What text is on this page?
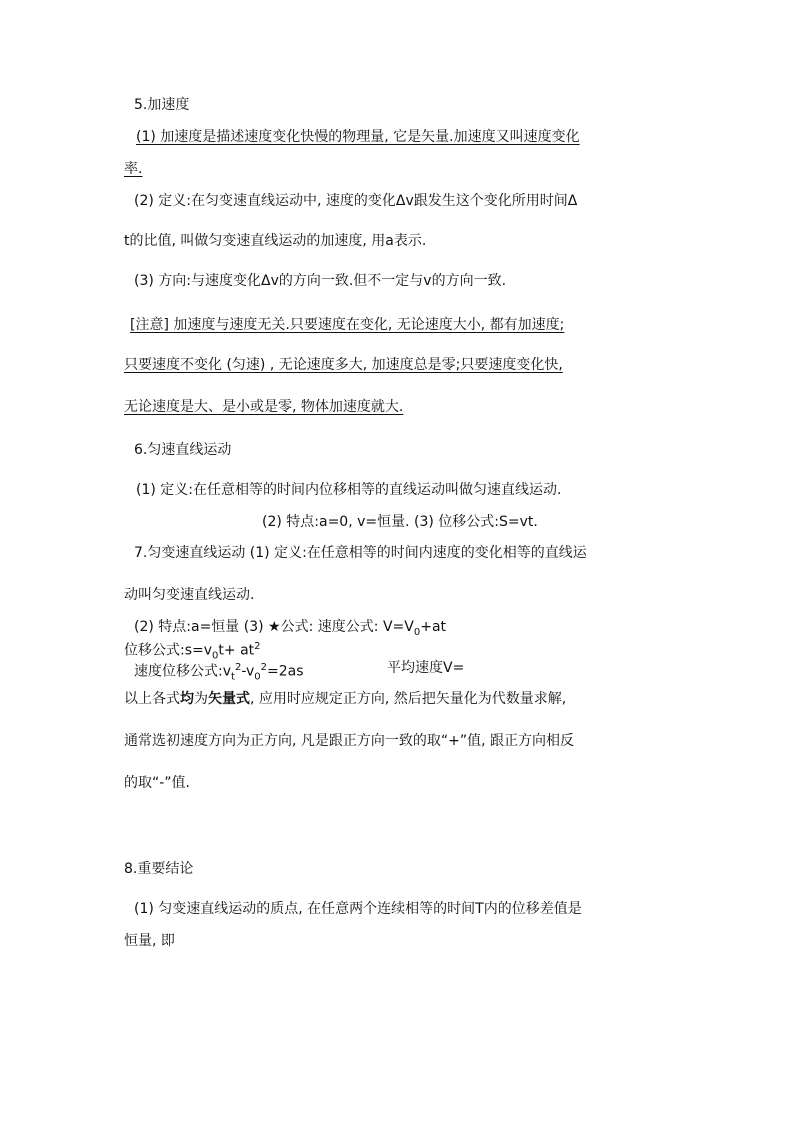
5.加速度
(1) 加速度是描述速度变化快慢的物理量, 它是矢量.加速度又叫速度变化
率.
(2) 定义:在匀变速直线运动中, 速度的变化Δv跟发生这个变化所用时间Δ
t的比值, 叫做匀变速直线运动的加速度, 用a表示.
(3) 方向:与速度变化Δv的方向一致.但不一定与v的方向一致.
[注意] 加速度与速度无关.只要速度在变化, 无论速度大小, 都有加速度;
只要速度不变化 (匀速) , 无论速度多大, 加速度总是零;只要速度变化快,
无论速度是大、是小或是零, 物体加速度就大.
6.匀速直线运动
(1) 定义:在任意相等的时间内位移相等的直线运动叫做匀速直线运动.
(2) 特点:a=0, v=恒量. (3) 位移公式:S=vt.
7.匀变速直线运动 (1) 定义:在任意相等的时间内速度的变化相等的直线运
动叫匀变速直线运动.
(2) 特点:a=恒量 (3) ★公式: 速度公式: $V=V_0+at$
位移公式$:s=v_0t+ at^2$
速度位移公式$:v_t^2-v_0^2=2as$	平均速度V=
以上各式均为矢量式, 应用时应规定正方向, 然后把矢量化为代数量求解,
通常选初速度方向为正方向, 凡是跟正方向一致的取“+”值, 跟正方向相反
的取“-”值.
8.重要结论
(1) 匀变速直线运动的质点, 在任意两个连续相等的时间T内的位移差值是
恒量, 即
